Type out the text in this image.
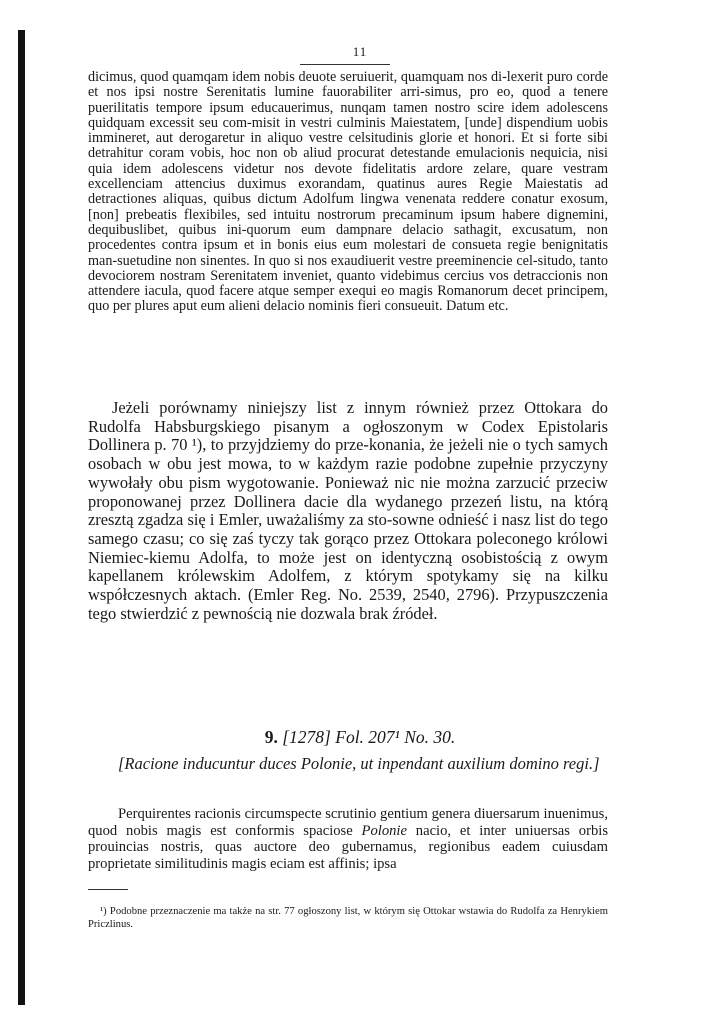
11

dicimus, quod quamqam idem nobis deuote seruiuerit, quamquam nos di-lexerit puro corde et nos ipsi nostre Serenitatis lumine fauorabiliter arri-simus, pro eo, quod a tenere puerilitatis tempore ipsum educauerimus, nunqam tamen nostro scire idem adolescens quidquam excessit seu com-misit in vestri culminis Maiestatem, [unde] dispendium uobis immineret, aut derogaretur in aliquo vestre celsitudinis glorie et honori. Et si forte sibi detrahitur coram vobis, hoc non ob aliud procurat detestande emulacionis nequicia, nisi quia idem adolescens videtur nos devote fidelitatis ardore zelare, quare vestram excellenciam attencius duximus exorandam, quatinus aures Regie Maiestatis ad detractiones aliquas, quibus dictum Adolfum lingwa venenata reddere conatur exosum, [non] prebeatis flexibiles, sed intuitu nostrorum precaminum ipsum habere dignemini, dequibuslibet, quibus ini-quorum eum dampnare delacio sathagit, excusatum, non procedentes contra ipsum et in bonis eius eum molestari de consueta regie benignitatis man-suetudine non sinentes. In quo si nos exaudiuerit vestre preeminencie cel-situdo, tanto devociorem nostram Serenitatem inveniet, quanto videbimus cercius vos detraccionis non attendere iacula, quod facere atque semper exequi eo magis Romanorum decet principem, quo per plures aput eum alieni delacio nominis fieri consueuit. Datum etc.

Jeżeli porównamy niniejszy list z innym również przez Ottokara do Rudolfa Habsburgskiego pisanym a ogłoszonym w Codex Epistolaris Dollinera p. 70 ¹), to przyjdziemy do prze-konania, że jeżeli nie o tych samych osobach w obu jest mowa, to w każdym razie podobne zupełnie przyczyny wywołały obu pism wygotowanie. Ponieważ nic nie można zarzucić przeciw proponowanej przez Dollinera dacie dla wydanego przezeń listu, na którą zresztą zgadza się i Emler, uważaliśmy za sto-sowne odnieść i nasz list do tego samego czasu; co się zaś tyczy tak gorąco przez Ottokara poleconego królowi Niemiec-kiemu Adolfa, to może jest on identyczną osobistością z owym kapellanem królewskim Adolfem, z którym spotykamy się na kilku współczesnych aktach. (Emler Reg. No. 2539, 2540, 2796). Przypuszczenia tego stwierdzić z pewnością nie dozwala brak źródeł.

9. [1278] Fol. 207¹ No. 30.

[Racione inducuntur duces Polonie, ut inpendant auxilium domino regi.]

Perquirentes racionis circumspecte scrutinio gentium genera diuersarum inuenimus, quod nobis magis est conformis spaciose Polonie nacio, et inter uniuersas orbis prouincias nostris, quas auctore deo gubernamus, regionibus eadem cuiusdam proprietate similitudinis magis eciam est affinis; ipsa

¹) Podobne przeznaczenie ma także na str. 77 ogłoszony list, w którym się Ottokar wstawia do Rudolfa za Henrykiem Priczlinus.
